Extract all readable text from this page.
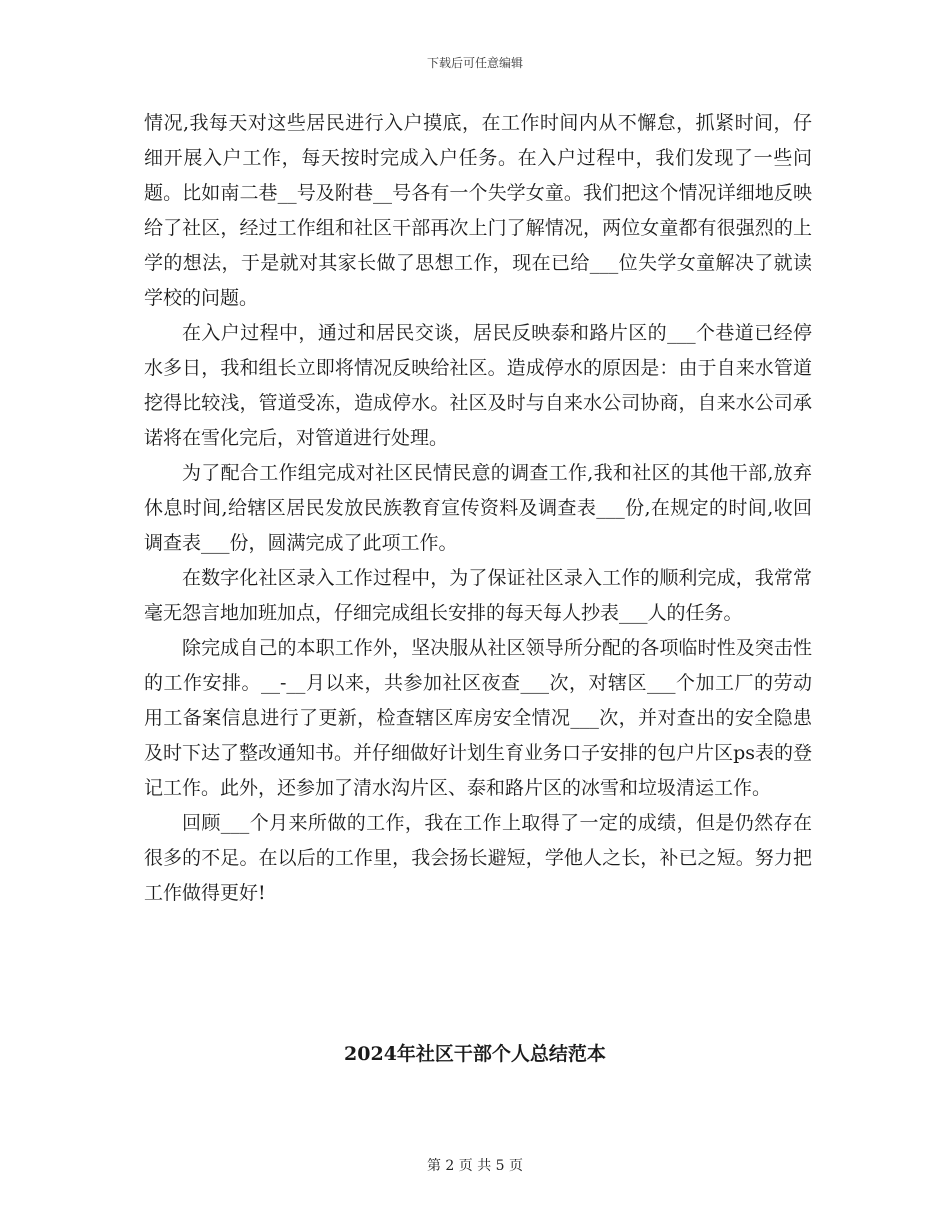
下载后可任意编辑

情况,我每天对这些居民进行入户摸底，在工作时间内从不懈怠，抓紧时间，仔细开展入户工作，每天按时完成入户任务。在入户过程中，我们发现了一些问题。比如南二巷__号及附巷__号各有一个失学女童。我们把这个情况详细地反映给了社区，经过工作组和社区干部再次上门了解情况，两位女童都有很强烈的上学的想法，于是就对其家长做了思想工作，现在已给___位失学女童解决了就读学校的问题。

在入户过程中，通过和居民交谈，居民反映泰和路片区的___个巷道已经停水多日，我和组长立即将情况反映给社区。造成停水的原因是：由于自来水管道挖得比较浅，管道受冻，造成停水。社区及时与自来水公司协商，自来水公司承诺将在雪化完后，对管道进行处理。

为了配合工作组完成对社区民情民意的调查工作,我和社区的其他干部,放弃休息时间,给辖区居民发放民族教育宣传资料及调查表___份,在规定的时间,收回调查表___份，圆满完成了此项工作。

在数字化社区录入工作过程中，为了保证社区录入工作的顺利完成，我常常毫无怨言地加班加点，仔细完成组长安排的每天每人抄表___人的任务。

除完成自己的本职工作外，坚决服从社区领导所分配的各项临时性及突击性的工作安排。__-__月以来，共参加社区夜查___次，对辖区___个加工厂的劳动用工备案信息进行了更新，检查辖区库房安全情况___次，并对查出的安全隐患及时下达了整改通知书。并仔细做好计划生育业务口子安排的包户片区ps表的登记工作。此外，还参加了清水沟片区、泰和路片区的冰雪和垃圾清运工作。

回顾___个月来所做的工作，我在工作上取得了一定的成绩，但是仍然存在很多的不足。在以后的工作里，我会扬长避短，学他人之长，补已之短。努力把工作做得更好!

2024年社区干部个人总结范本
第 2 页 共 5 页
